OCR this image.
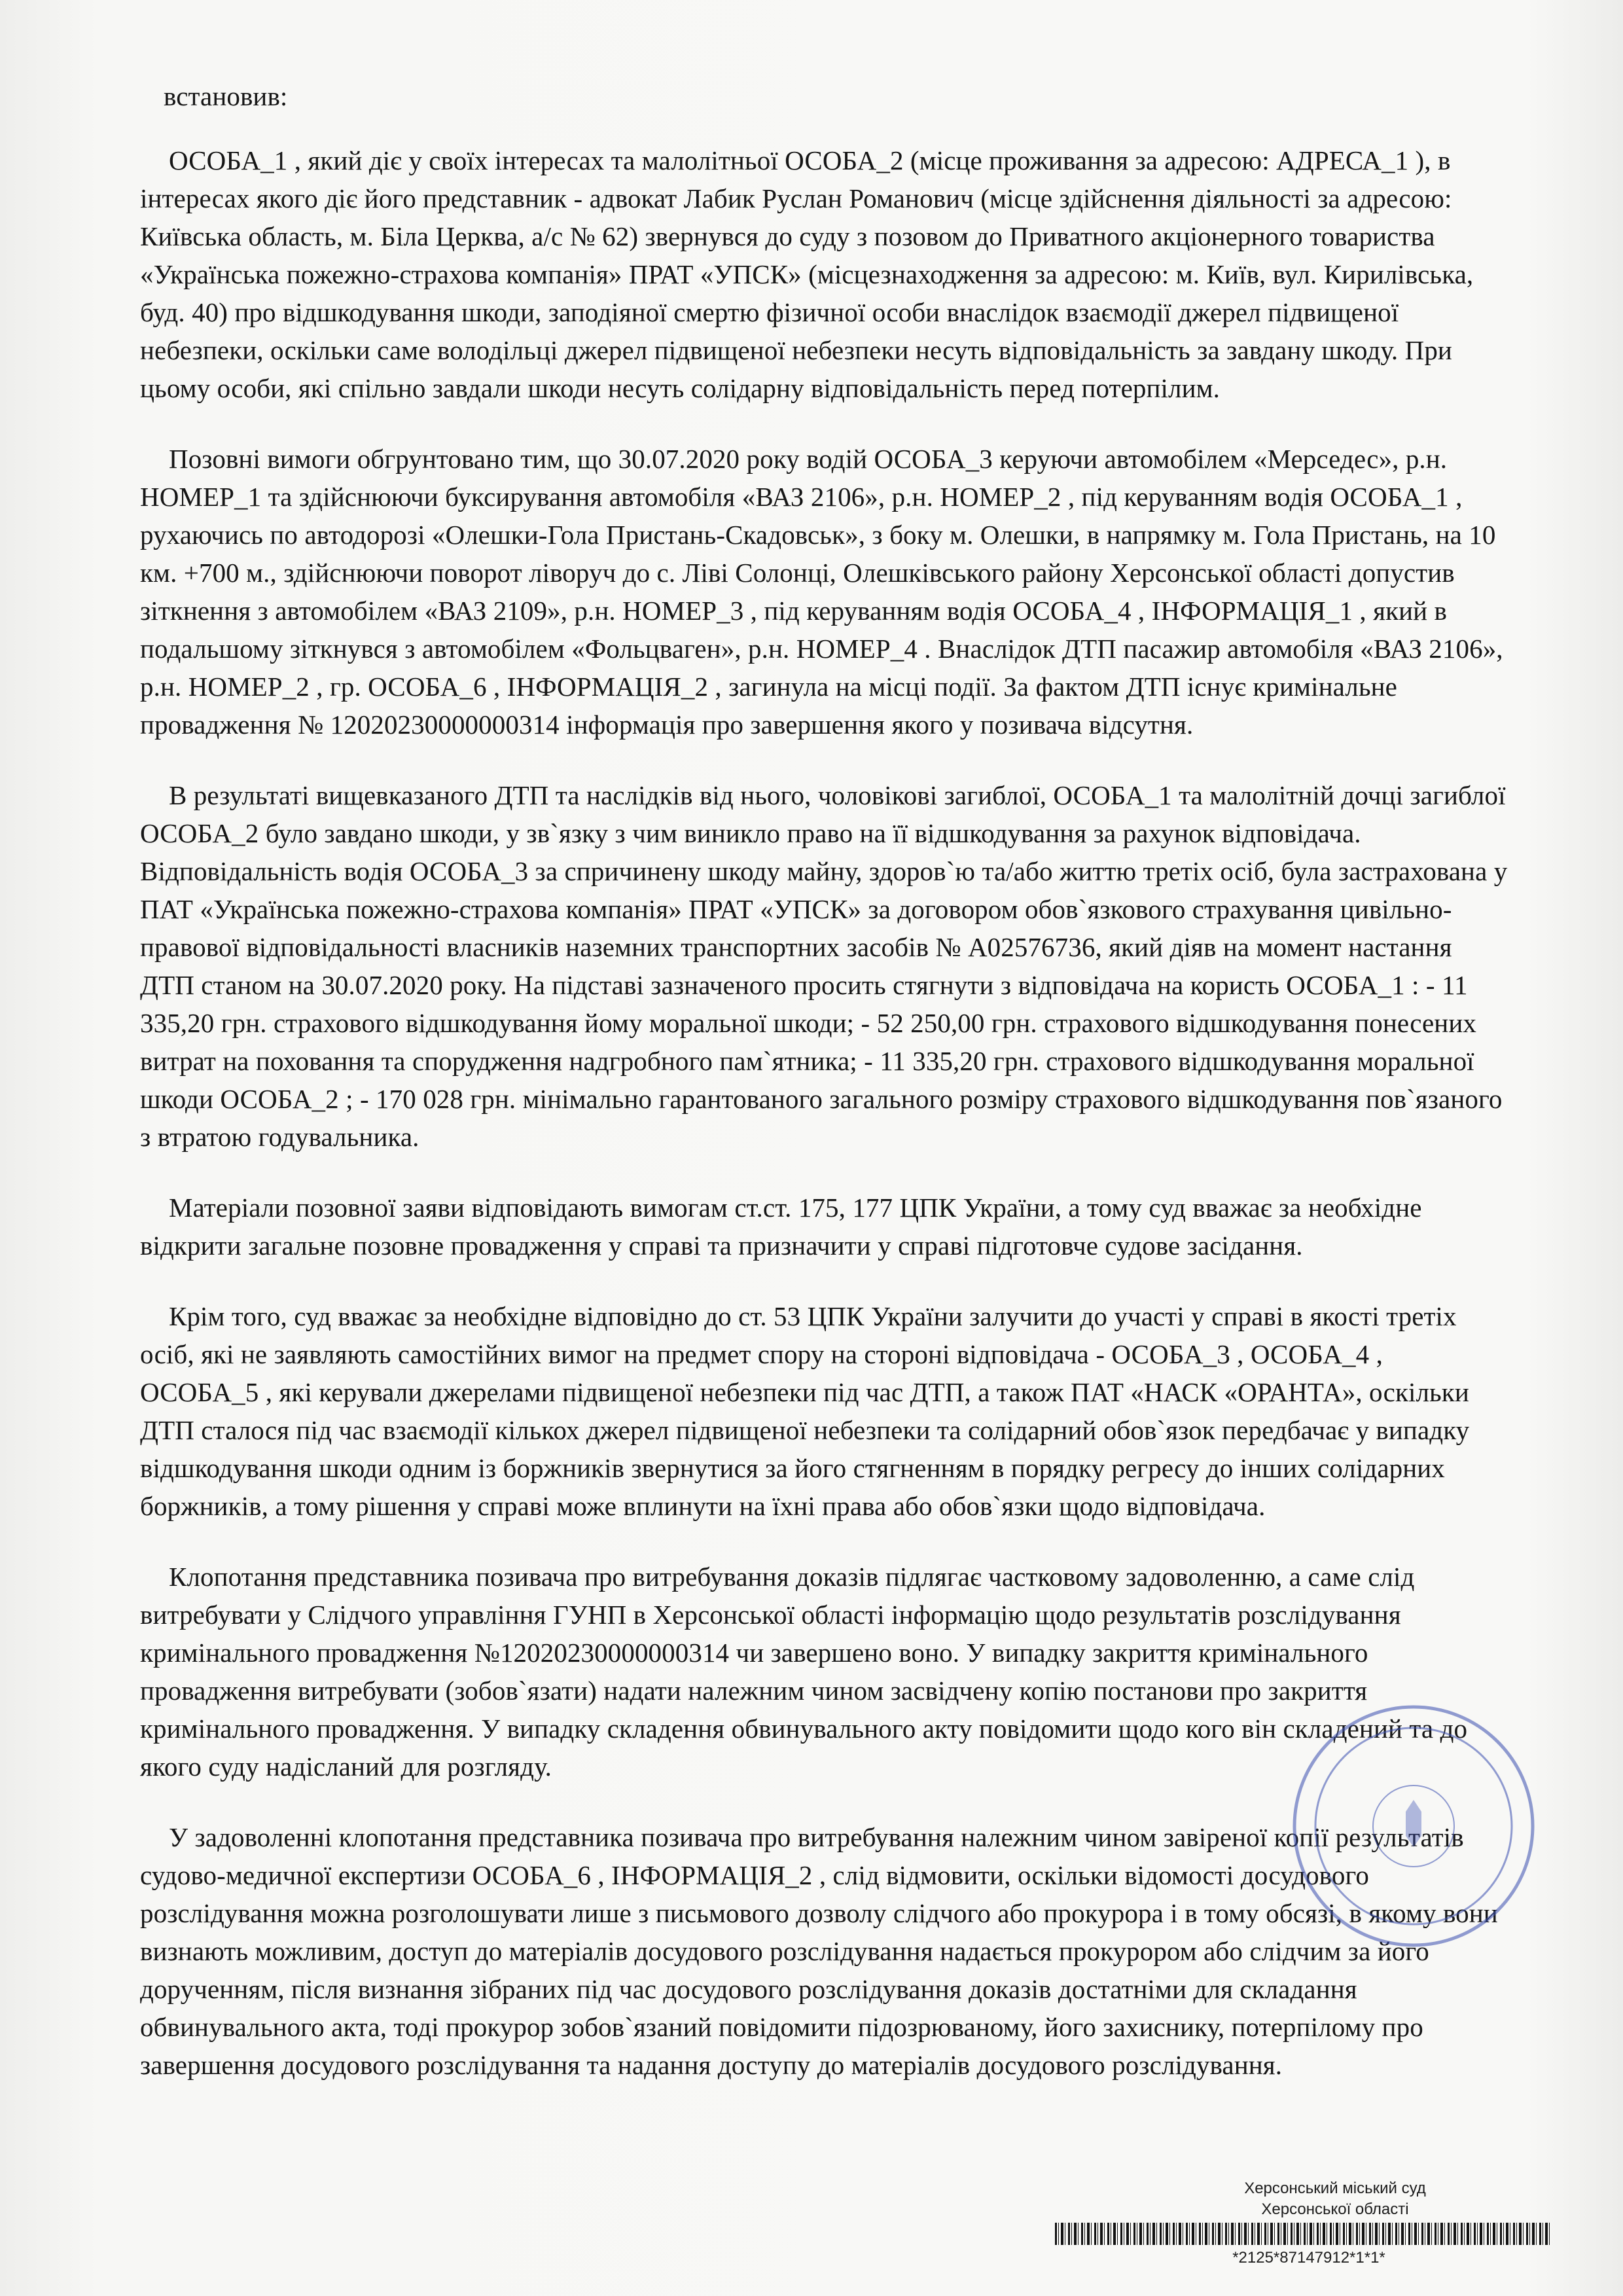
встановив:

ОСОБА_1 , який діє у своїх інтересах та малолітньої ОСОБА_2 (місце проживання за адресою: АДРЕСА_1 ), в інтересах якого діє його представник - адвокат Лабик Руслан Романович (місце здійснення діяльності за адресою: Київська область, м. Біла Церква, а/с № 62) звернувся до суду з позовом до Приватного акціонерного товариства «Українська пожежно-страхова компанія» ПРАТ «УПСК» (місцезнаходження за адресою: м. Київ, вул. Кирилівська, буд. 40) про відшкодування шкоди, заподіяної смертю фізичної особи внаслідок взаємодії джерел підвищеної небезпеки, оскільки саме володільці джерел підвищеної небезпеки несуть відповідальність за завдану шкоду. При цьому особи, які спільно завдали шкоди несуть солідарну відповідальність перед потерпілим.

Позовні вимоги обгрунтовано тим, що 30.07.2020 року водій ОСОБА_3 керуючи автомобілем «Мерседес», р.н. НОМЕР_1 та здійснюючи буксирування автомобіля «ВАЗ 2106», р.н. НОМЕР_2 , під керуванням водія ОСОБА_1 , рухаючись по автодорозі «Олешки-Гола Пристань-Скадовськ», з боку м. Олешки, в напрямку м. Гола Пристань, на 10 км. +700 м., здійснюючи поворот ліворуч до с. Ліві Солонці, Олешківського району Херсонської області допустив зіткнення з автомобілем «ВАЗ 2109», р.н. НОМЕР_3 , під керуванням водія ОСОБА_4 , ІНФОРМАЦІЯ_1 , який в подальшому зіткнувся з автомобілем «Фольцваген», р.н. НОМЕР_4 . Внаслідок ДТП пасажир автомобіля «ВАЗ 2106», р.н. НОМЕР_2 , гр. ОСОБА_6 , ІНФОРМАЦІЯ_2 , загинула на місці події. За фактом ДТП існує кримінальне провадження № 12020230000000314 інформація про завершення якого у позивача відсутня.

В результаті вищевказаного ДТП та наслідків від нього, чоловікові загиблої, ОСОБА_1 та малолітній дочці загиблої ОСОБА_2 було завдано шкоди, у зв`язку з чим виникло право на її відшкодування за рахунок відповідача. Відповідальність водія ОСОБА_3 за спричинену шкоду майну, здоров`ю та/або життю третіх осіб, була застрахована у ПАТ «Українська пожежно-страхова компанія» ПРАТ «УПСК» за договором обов`язкового страхування цивільно-правової відповідальності власників наземних транспортних засобів № А02576736, який діяв на момент настання ДТП станом на 30.07.2020 року. На підставі зазначеного просить стягнути з відповідача на користь ОСОБА_1 : - 11 335,20 грн. страхового відшкодування йому моральної шкоди; - 52 250,00 грн. страхового відшкодування понесених витрат на поховання та спорудження надгробного пам`ятника; - 11 335,20 грн. страхового відшкодування моральної шкоди ОСОБА_2 ; - 170 028 грн. мінімально гарантованого загального розміру страхового відшкодування пов`язаного з втратою годувальника.

Матеріали позовної заяви відповідають вимогам ст.ст. 175, 177 ЦПК України, а тому суд вважає за необхідне відкрити загальне позовне провадження у справі та призначити у справі підготовче судове засідання.

Крім того, суд вважає за необхідне відповідно до ст. 53 ЦПК України залучити до участі у справі в якості третіх осіб, які не заявляють самостійних вимог на предмет спору на стороні відповідача - ОСОБА_3 , ОСОБА_4 , ОСОБА_5 , які керували джерелами підвищеної небезпеки під час ДТП, а також ПАТ «НАСК «ОРАНТА», оскільки ДТП сталося під час взаємодії кількох джерел підвищеної небезпеки та солідарний обов`язок передбачає у випадку відшкодування шкоди одним із боржників звернутися за його стягненням в порядку регресу до інших солідарних боржників, а тому рішення у справі може вплинути на їхні права або обов`язки щодо відповідача.

Клопотання представника позивача про витребування доказів підлягає частковому задоволенню, а саме слід витребувати у Слідчого управління ГУНП в Херсонської області інформацію щодо результатів розслідування кримінального провадження №12020230000000314 чи завершено воно. У випадку закриття кримінального провадження витребувати (зобов`язати) надати належним чином засвідчену копію постанови про закриття кримінального провадження. У випадку складення обвинувального акту повідомити щодо кого він складений та до якого суду надісланий для розгляду.

У задоволенні клопотання представника позивача про витребування належним чином завіреної копії результатів судово-медичної експертизи ОСОБА_6 , ІНФОРМАЦІЯ_2 , слід відмовити, оскільки відомості досудового розслідування можна розголошувати лише з письмового дозволу слідчого або прокурора і в тому обсязі, в якому вони визнають можливим, доступ до матеріалів досудового розслідування надається прокурором або слідчим за його дорученням, після визнання зібраних під час досудового розслідування доказів достатніми для складання обвинувального акта, тоді прокурор зобов`язаний повідомити підозрюваному, його захиснику, потерпілому про завершення досудового розслідування та надання доступу до матеріалів досудового розслідування.

Херсонський міський суд
Херсонської області
*2125*87147912*1*1*
